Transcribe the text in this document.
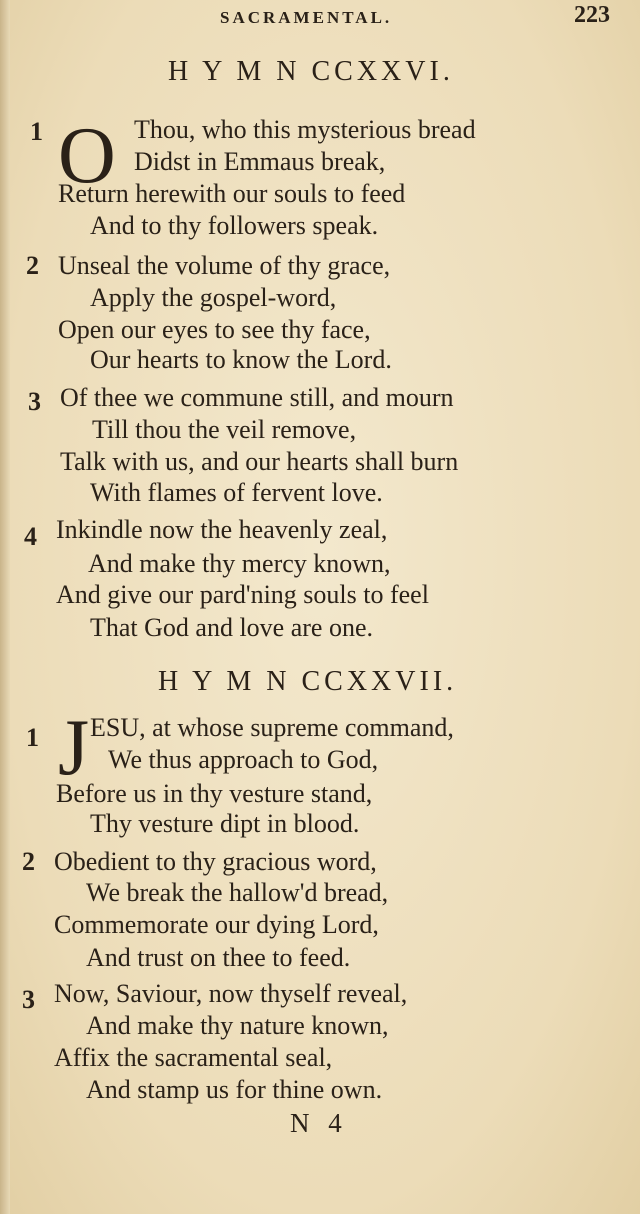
SACRAMENTAL.	223
H Y M N CCXXVI.
1 O Thou, who this mysterious bread
Didst in Emmaus break,
Return herewith our souls to feed
And to thy followers speak.
2 Unseal the volume of thy grace,
Apply the gospel-word,
Open our eyes to see thy face,
Our hearts to know the Lord.
3 Of thee we commune still, and mourn
Till thou the veil remove,
Talk with us, and our hearts shall burn
With flames of fervent love.
4 Inkindle now the heavenly zeal,
And make thy mercy known,
And give our pard'ning souls to feel
That God and love are one.
H Y M N CCXXVII.
1 J ESU, at whose supreme command,
We thus approach to God,
Before us in thy vesture stand,
Thy vesture dipt in blood.
2 Obedient to thy gracious word,
We break the hallow'd bread,
Commemorate our dying Lord,
And trust on thee to feed.
3 Now, Saviour, now thyself reveal,
And make thy nature known,
Affix the sacramental seal,
And stamp us for thine own.
N 4
